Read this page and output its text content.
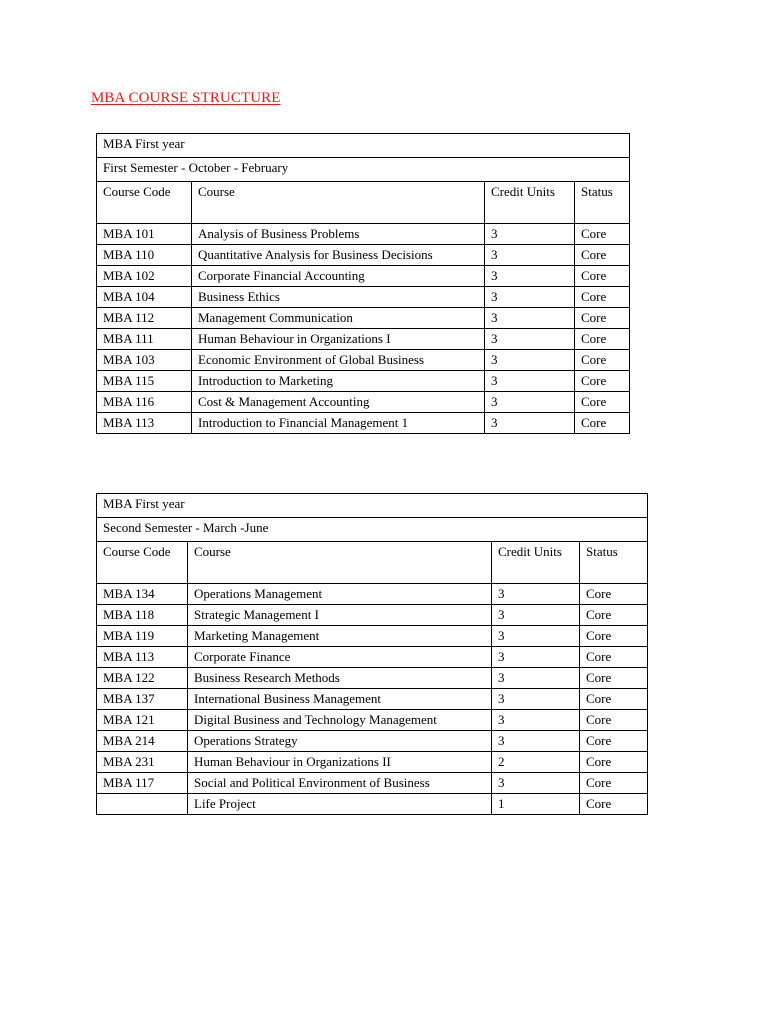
MBA COURSE STRUCTURE
MBA First year			
First Semester - October - February			
Course Code	Course	Credit Units	Status
MBA 101	Analysis of Business Problems	3	Core
MBA 110	Quantitative Analysis for Business Decisions	3	Core
MBA 102	Corporate Financial Accounting	3	Core
MBA 104	Business Ethics	3	Core
MBA 112	Management Communication	3	Core
MBA 111	Human Behaviour in Organizations I	3	Core
MBA 103	Economic Environment of Global Business	3	Core
MBA 115	Introduction to Marketing	3	Core
MBA 116	Cost & Management Accounting	3	Core
MBA 113	Introduction to Financial Management 1	3	Core
MBA First year			
Second Semester - March -June			
Course Code	Course	Credit Units	Status
MBA 134	Operations Management	3	Core
MBA 118	Strategic Management I	3	Core
MBA 119	Marketing Management	3	Core
MBA 113	Corporate Finance	3	Core
MBA 122	Business Research Methods	3	Core
MBA 137	International Business Management	3	Core
MBA 121	Digital Business and Technology Management	3	Core
MBA 214	Operations Strategy	3	Core
MBA 231	Human Behaviour in Organizations II	2	Core
MBA 117	Social and Political Environment of Business	3	Core
	Life Project	1	Core
